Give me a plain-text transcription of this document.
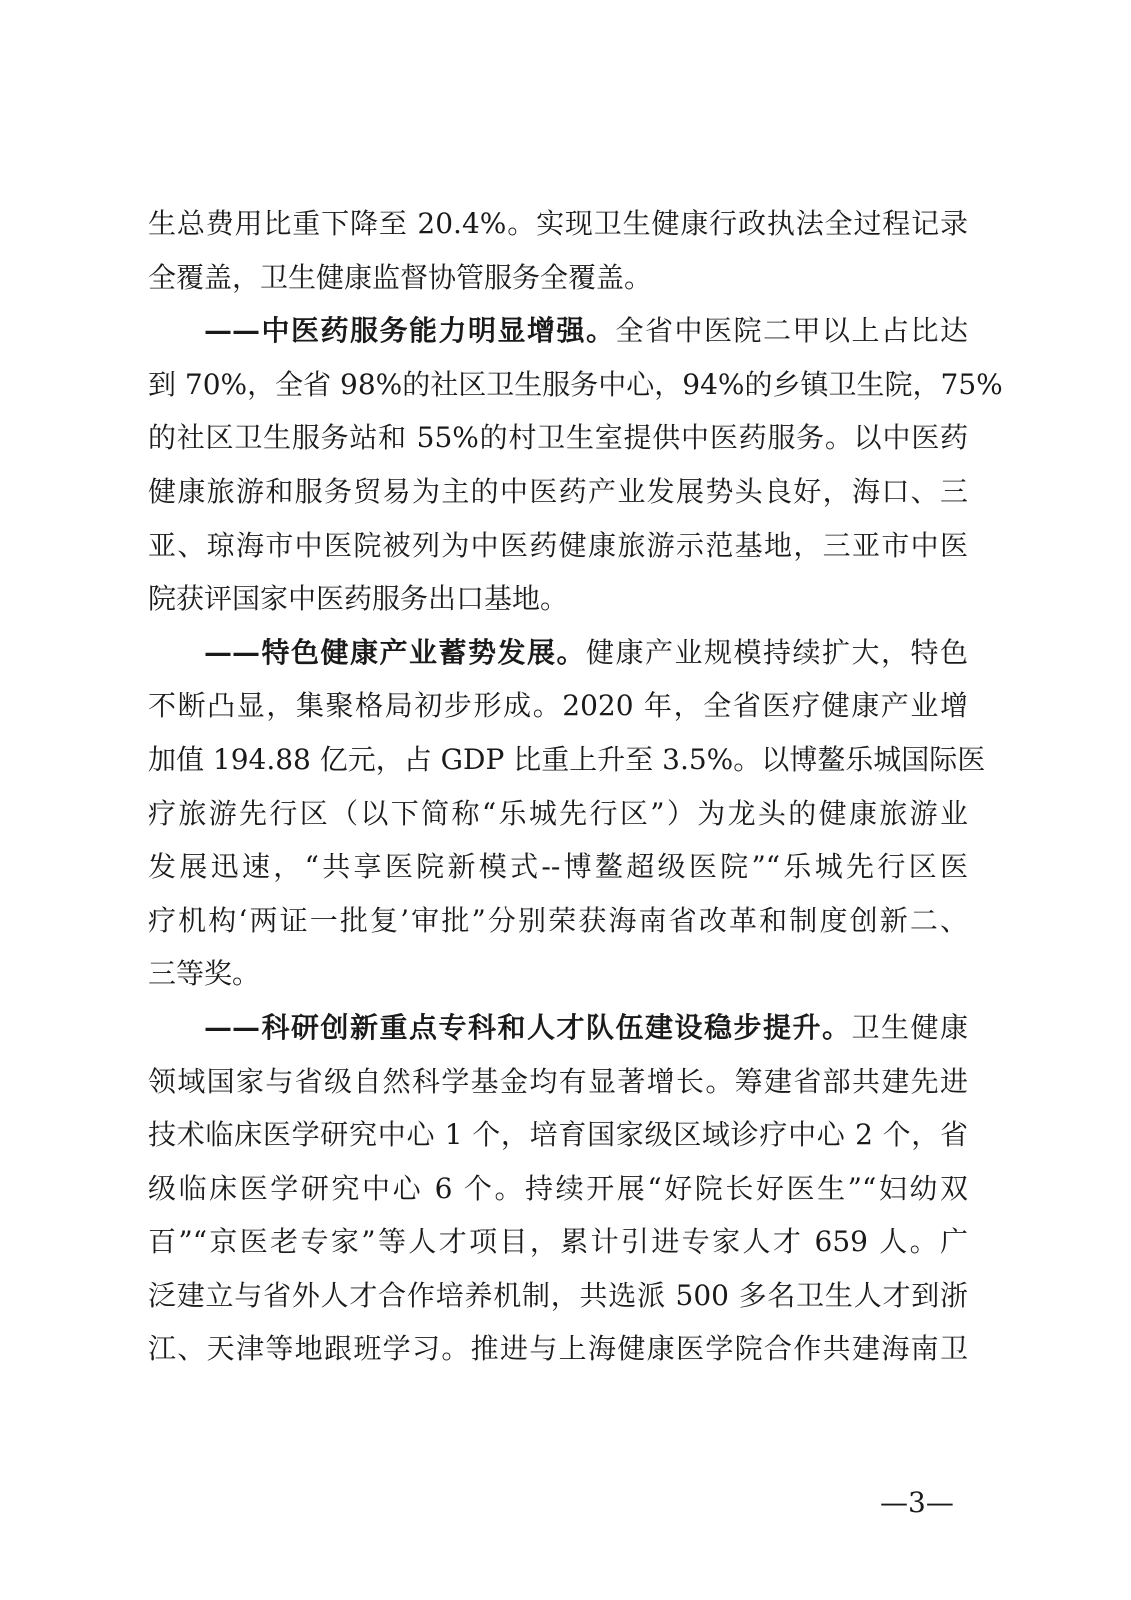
生总费用比重下降至 20.4%。实现卫生健康行政执法全过程记录
全覆盖，卫生健康监督协管服务全覆盖。
——中医药服务能力明显增强。全省中医院二甲以上占比达
到 70%，全省 98%的社区卫生服务中心，94%的乡镇卫生院，75%
的社区卫生服务站和 55%的村卫生室提供中医药服务。以中医药
健康旅游和服务贸易为主的中医药产业发展势头良好，海口、三
亚、琼海市中医院被列为中医药健康旅游示范基地，三亚市中医
院获评国家中医药服务出口基地。
——特色健康产业蓄势发展。健康产业规模持续扩大，特色
不断凸显，集聚格局初步形成。2020 年，全省医疗健康产业增
加值 194.88 亿元，占 GDP 比重上升至 3.5%。以博鳌乐城国际医
疗旅游先行区（以下简称“乐城先行区”）为龙头的健康旅游业
发展迅速，“共享医院新模式--博鳌超级医院”“乐城先行区医
疗机构‘两证一批复’审批”分别荣获海南省改革和制度创新二、
三等奖。
——科研创新重点专科和人才队伍建设稳步提升。卫生健康
领域国家与省级自然科学基金均有显著增长。筹建省部共建先进
技术临床医学研究中心 1 个，培育国家级区域诊疗中心 2 个，省
级临床医学研究中心 6 个。持续开展“好院长好医生”“妇幼双
百”“京医老专家”等人才项目，累计引进专家人才 659 人。广
泛建立与省外人才合作培养机制，共选派 500 多名卫生人才到浙
江、天津等地跟班学习。推进与上海健康医学院合作共建海南卫
—3—
